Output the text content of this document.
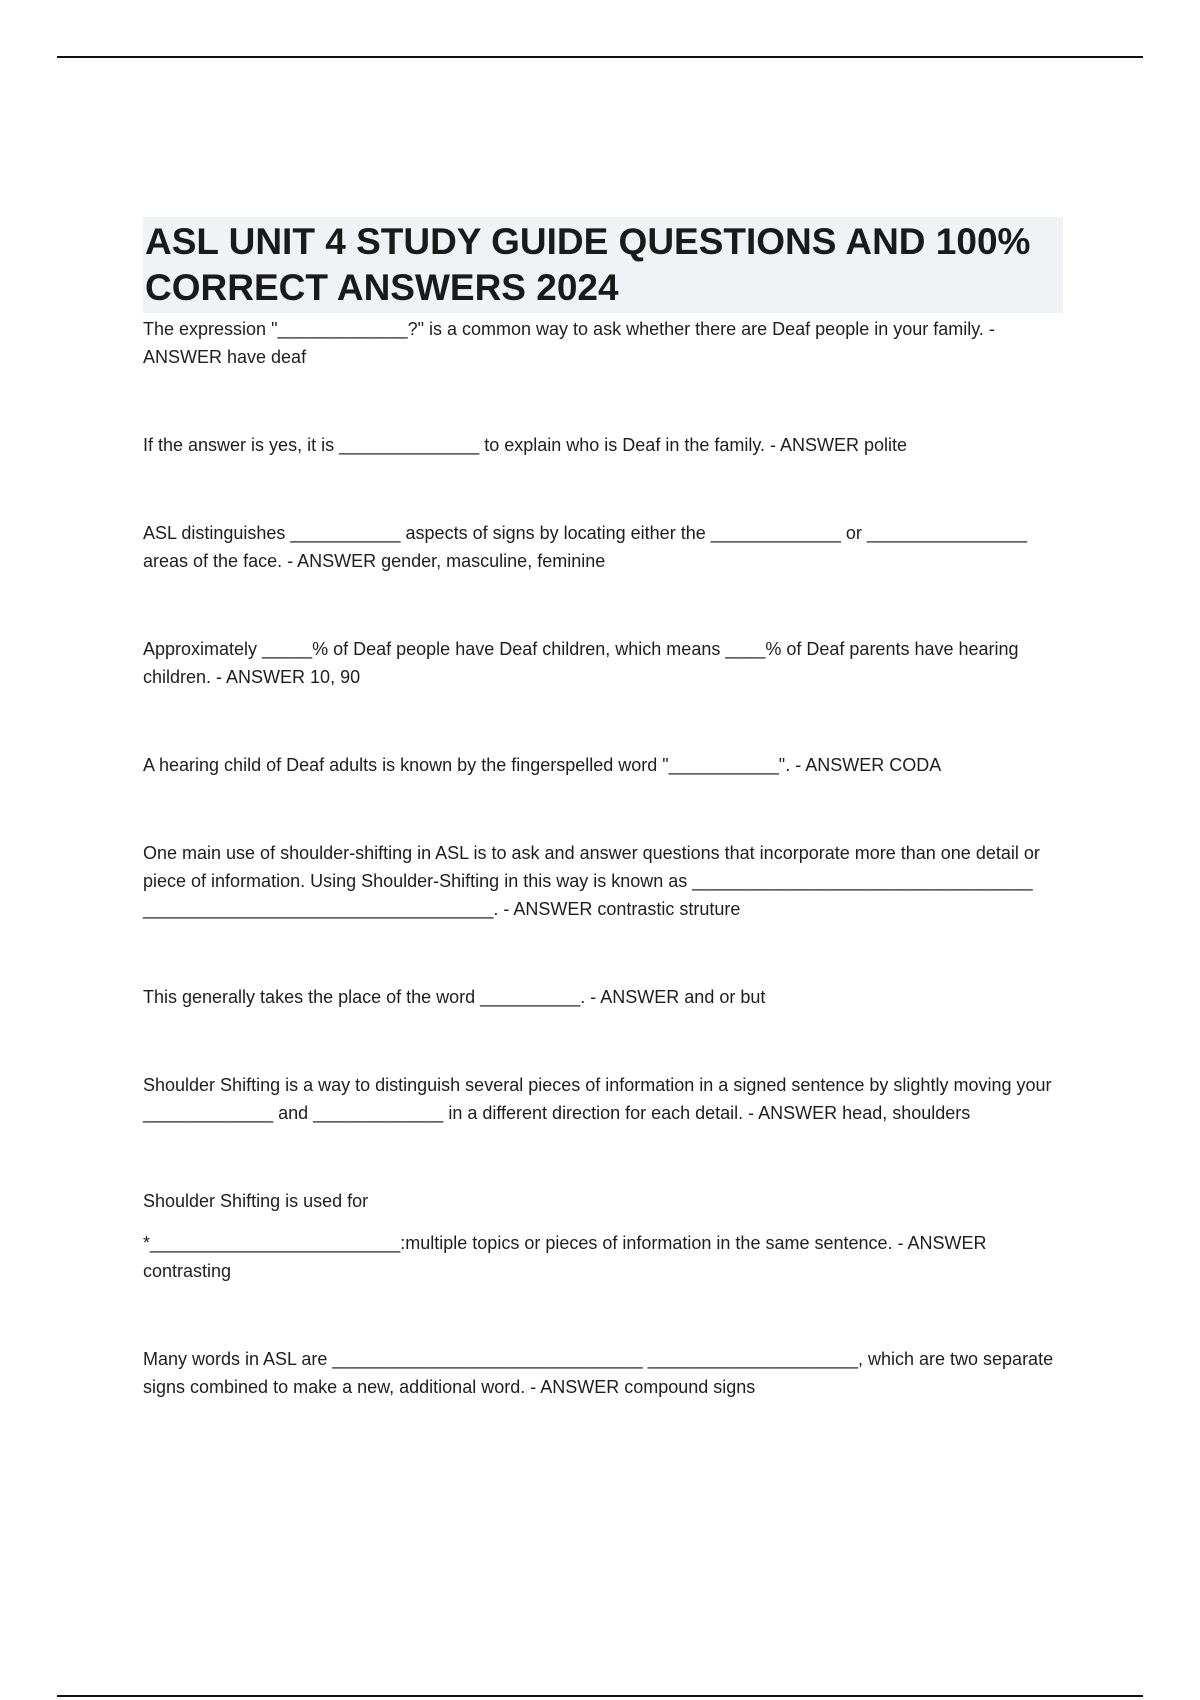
ASL UNIT 4 STUDY GUIDE QUESTIONS AND 100% CORRECT ANSWERS 2024

The expression "_____________?" is a common way to ask whether there are Deaf people in your family. - ANSWER have deaf

If the answer is yes, it is ______________ to explain who is Deaf in the family. - ANSWER polite

ASL distinguishes ___________ aspects of signs by locating either the _____________ or ________________ areas of the face. - ANSWER gender, masculine, feminine

Approximately _____% of Deaf people have Deaf children, which means ____% of Deaf parents have hearing children. - ANSWER 10, 90

A hearing child of Deaf adults is known by the fingerspelled word "___________". - ANSWER CODA

One main use of shoulder-shifting in ASL is to ask and answer questions that incorporate more than one detail or piece of information. Using Shoulder-Shifting in this way is known as __________________________________ ___________________________________. - ANSWER contrastic struture

This generally takes the place of the word __________. - ANSWER and or but

Shoulder Shifting is a way to distinguish several pieces of information in a signed sentence by slightly moving your _____________ and _____________ in a different direction for each detail. - ANSWER head, shoulders

Shoulder Shifting is used for

*_________________________:multiple topics or pieces of information in the same sentence. - ANSWER contrasting

Many words in ASL are _______________________________ _____________________, which are two separate signs combined to make a new, additional word. - ANSWER compound signs
